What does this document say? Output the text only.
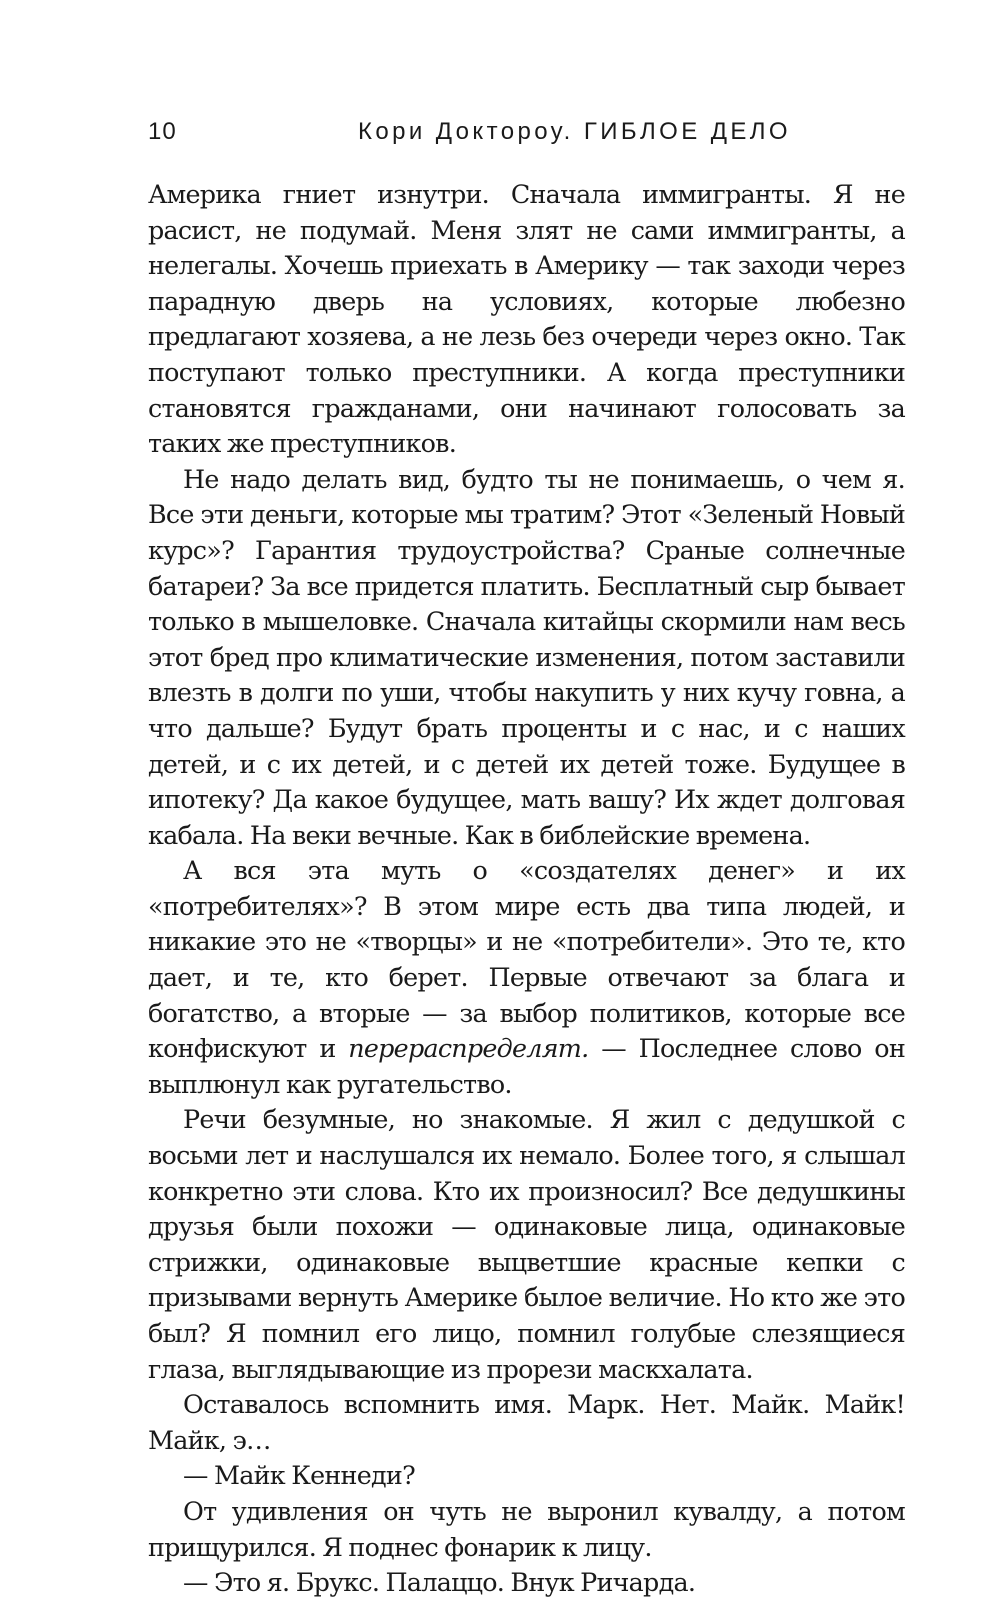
10	Кори Доктороу. ГИБЛОЕ ДЕЛО

Америка гниет изнутри. Сначала иммигранты. Я не расист, не подумай. Меня злят не сами иммигранты, а нелегалы. Хочешь приехать в Америку — так заходи через парадную дверь на условиях, которые любезно предлагают хозяева, а не лезь без очереди через окно. Так поступают только преступники. А когда преступники становятся гражданами, они начинают голосовать за таких же преступников.

Не надо делать вид, будто ты не понимаешь, о чем я. Все эти деньги, которые мы тратим? Этот «Зеленый Новый курс»? Гарантия трудоустройства? Сраные солнечные батареи? За все придется платить. Бесплатный сыр бывает только в мышеловке. Сначала китайцы скормили нам весь этот бред про климатические изменения, потом заставили влезть в долги по уши, чтобы накупить у них кучу говна, а что дальше? Будут брать проценты и с нас, и с наших детей, и с их детей, и с детей их детей тоже. Будущее в ипотеку? Да какое будущее, мать вашу? Их ждет долговая кабала. На веки вечные. Как в библейские времена.

А вся эта муть о «создателях денег» и их «потребителях»? В этом мире есть два типа людей, и никакие это не «творцы» и не «потребители». Это те, кто дает, и те, кто берет. Первые отвечают за блага и богатство, а вторые — за выбор политиков, которые все конфискуют и перераспределят. — Последнее слово он выплюнул как ругательство.

Речи безумные, но знакомые. Я жил с дедушкой с восьми лет и наслушался их немало. Более того, я слышал конкретно эти слова. Кто их произносил? Все дедушкины друзья были похожи — одинаковые лица, одинаковые стрижки, одинаковые выцветшие красные кепки с призывами вернуть Америке былое величие. Но кто же это был? Я помнил его лицо, помнил голубые слезящиеся глаза, выглядывающие из прорези маскхалата.

Оставалось вспомнить имя. Марк. Нет. Майк. Майк! Майк, э…

— Майк Кеннеди?

От удивления он чуть не выронил кувалду, а потом прищурился. Я поднес фонарик к лицу.

— Это я. Брукс. Палаццо. Внук Ричарда.
